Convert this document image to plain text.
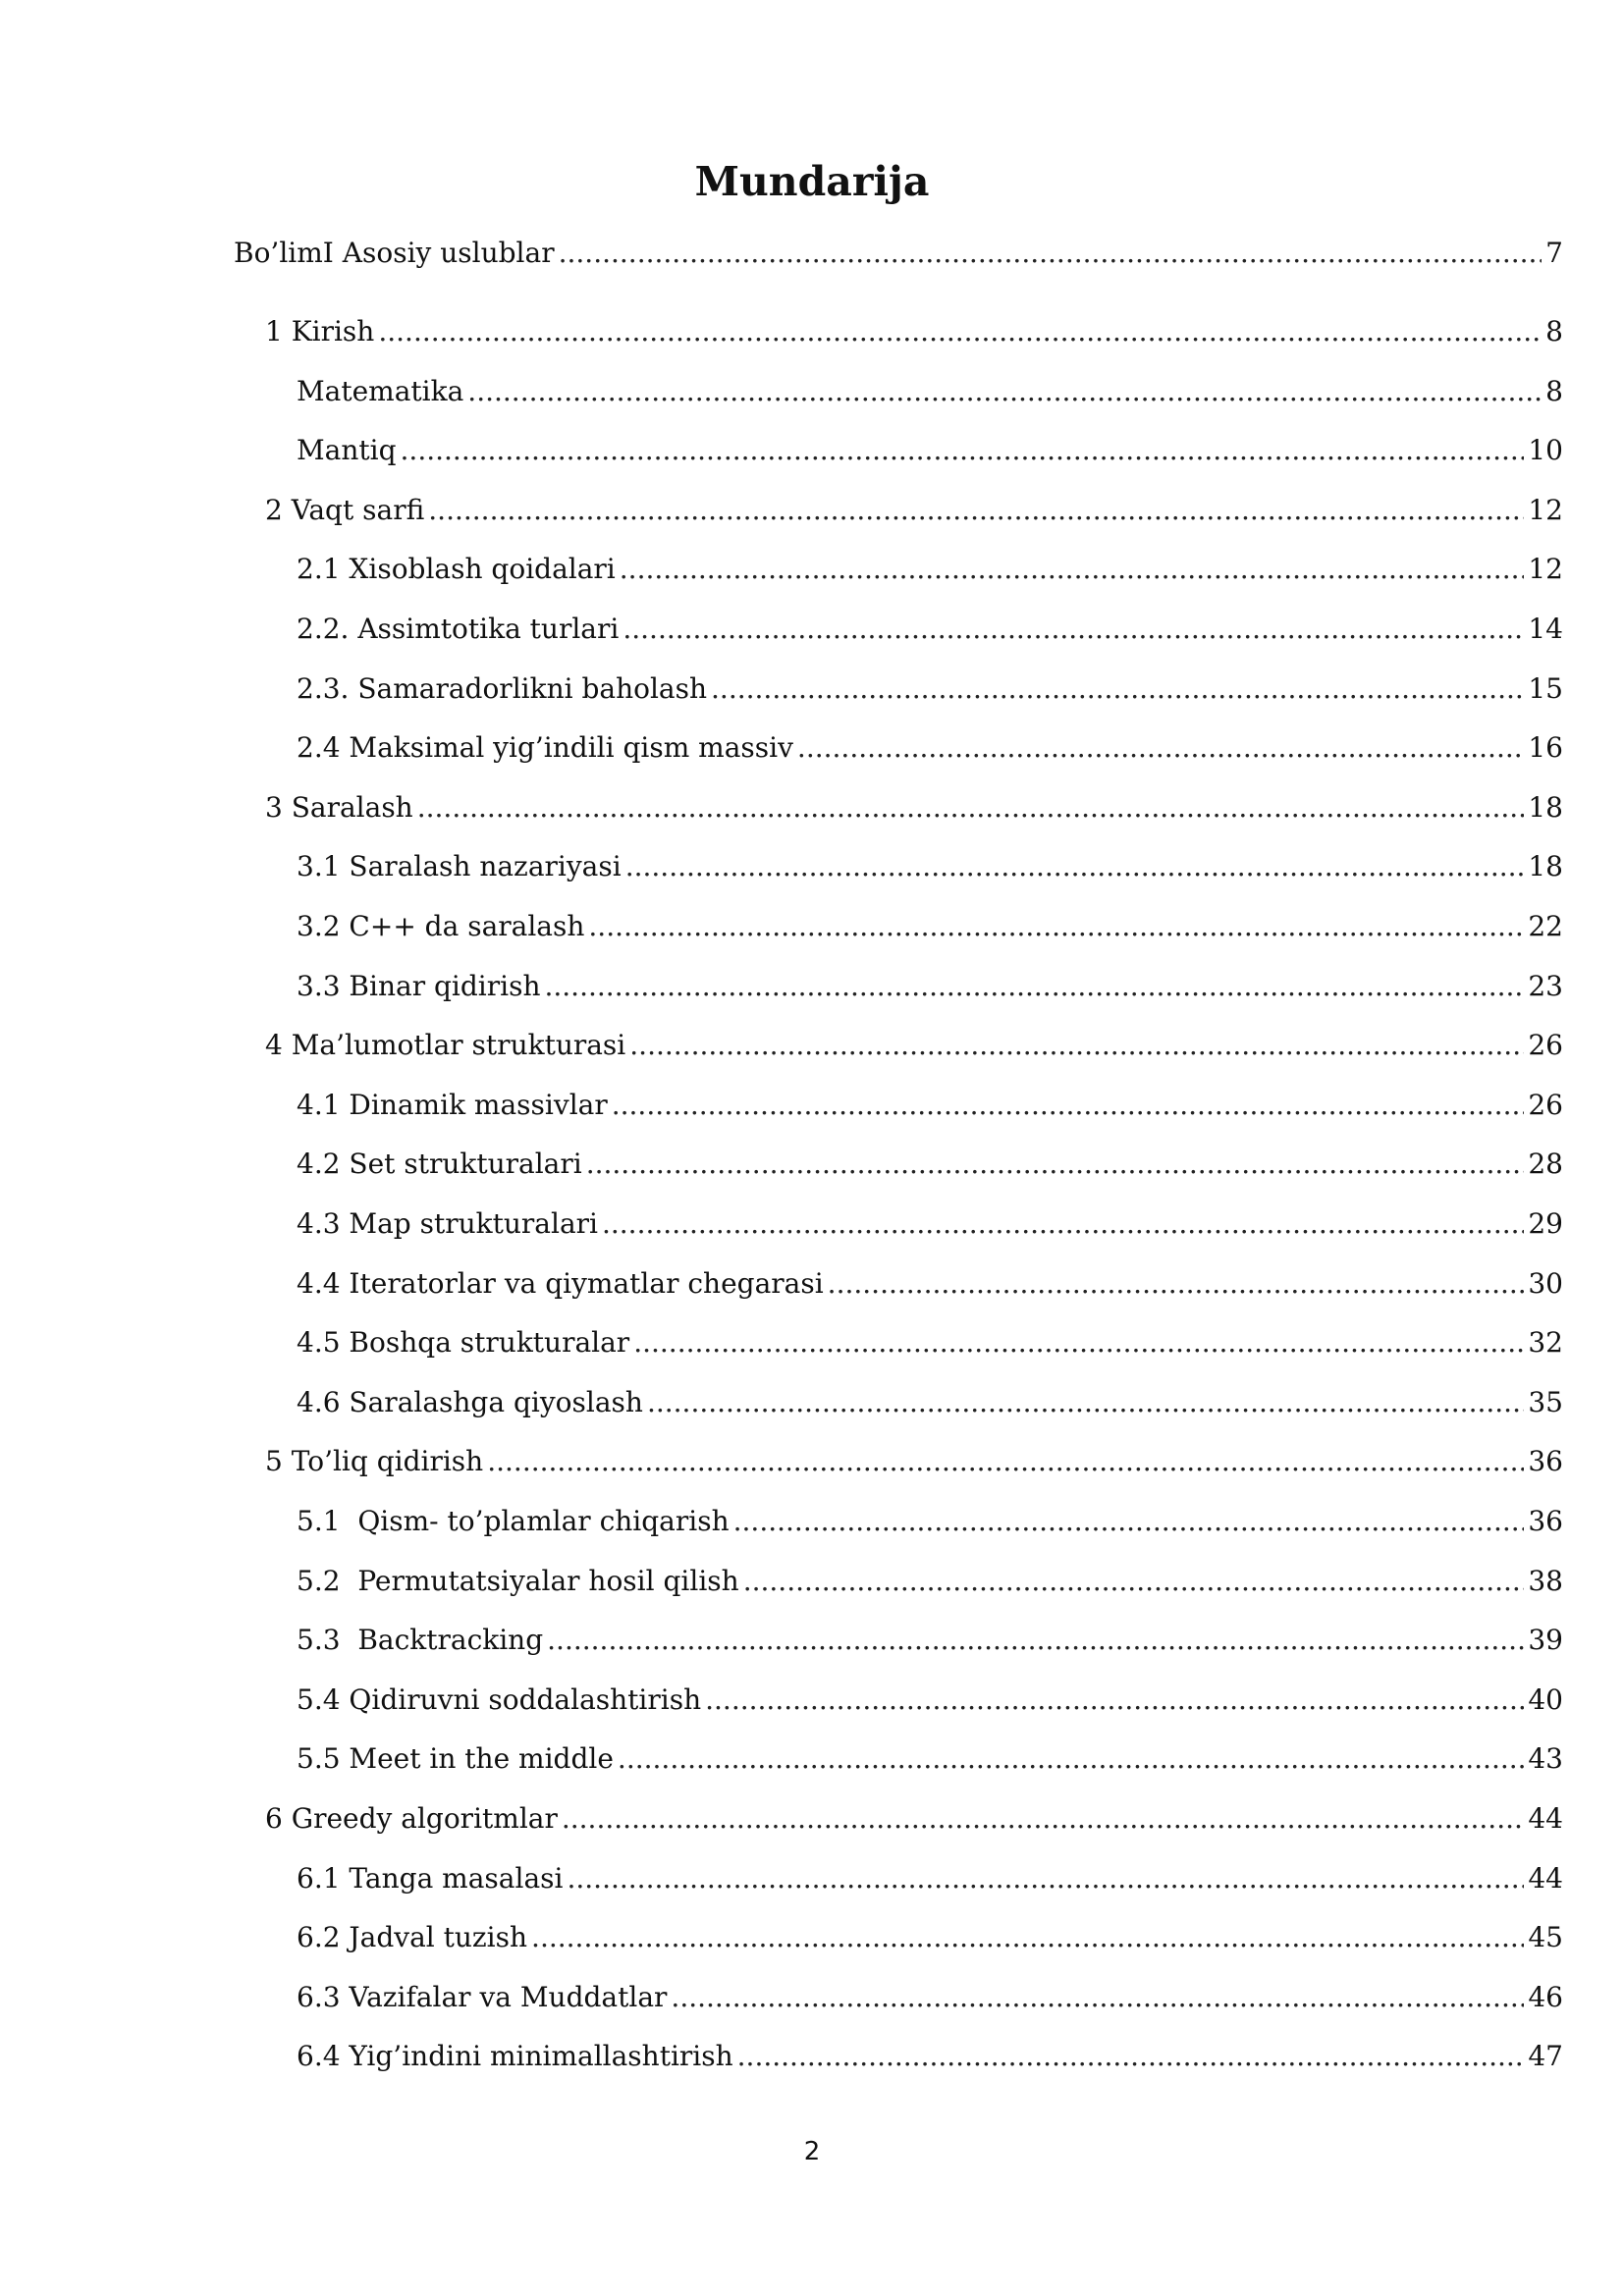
Mundarija
Bo’limI Asosiy uslublar .....	7
1 Kirish .....	8
Matematika .....	8
Mantiq .....	10
2 Vaqt sarfi .....	12
2.1 Xisoblash qoidalari .....	12
2.2. Assimtotika turlari .....	14
2.3. Samaradorlikni baholash .....	15
2.4 Maksimal yig’indili qism massiv .....	16
3 Saralash .....	18
3.1 Saralash nazariyasi .....	18
3.2 C++ da saralash .....	22
3.3 Binar qidirish .....	23
4 Ma’lumotlar strukturasi .....	26
4.1 Dinamik massivlar .....	26
4.2 Set strukturalari .....	28
4.3 Map strukturalari .....	29
4.4 Iteratorlar va qiymatlar chegarasi .....	30
4.5 Boshqa strukturalar .....	32
4.6 Saralashga qiyoslash .....	35
5 To’liq qidirish .....	36
5.1  Qism- to’plamlar chiqarish .....	36
5.2  Permutatsiyalar hosil qilish .....	38
5.3  Backtracking .....	39
5.4 Qidiruvni soddalashtirish .....	40
5.5 Meet in the middle .....	43
6 Greedy algoritmlar .....	44
6.1 Tanga masalasi .....	44
6.2 Jadval tuzish .....	45
6.3 Vazifalar va Muddatlar .....	46
6.4 Yig’indini minimallashtirish .....	47
2
